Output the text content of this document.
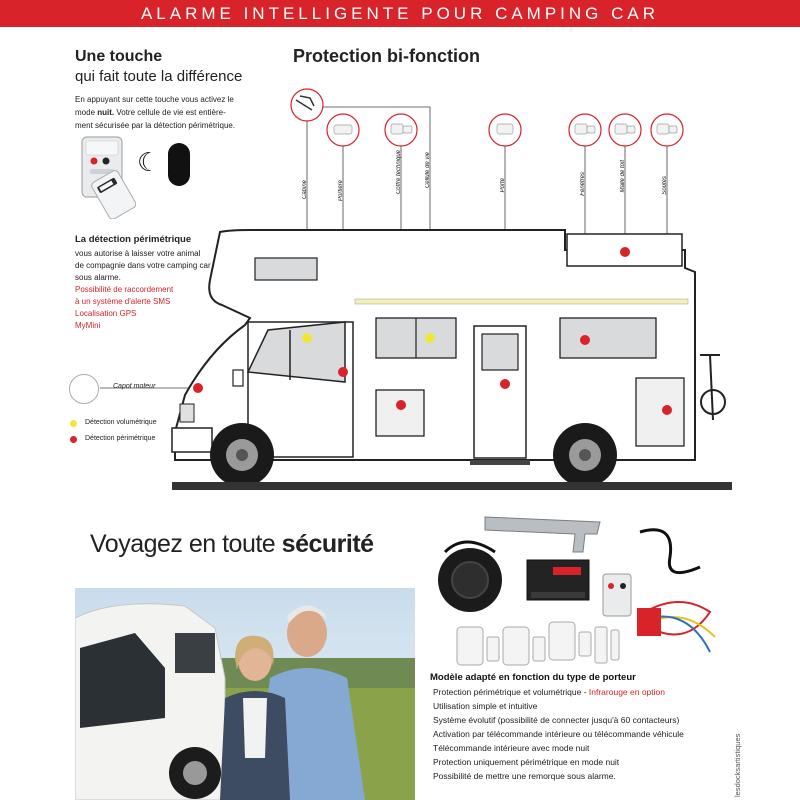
ALARME INTELLIGENTE POUR CAMPING CAR
Une touche
qui fait toute la différence
En appuyant sur cette touche vous activez le
mode nuit. Votre cellule de vie est entière-
ment sécurisée par la détection périmétrique.
☾
La détection périmétrique
vous autorise à laisser votre animal
de compagnie dans votre camping car
sous alarme.
Possibilité de raccordement
à un système d'alerte SMS
Localisation GPS
MyMini
Protection bi-fonction
Cabine	Portière	Coffre technique	Cellule de vie	Porte	Fenêtres	Malle de toit	Soutes
Capot moteur
Détection volumétrique
Détection périmétrique
Voyagez en toute sécurité
Modèle adapté en fonction du type de porteur
Protection périmétrique et volumétrique - Infrarouge en option
Utilisation simple et intuitive
Système évolutif (possibilité de connecter jusqu'à 60 contacteurs)
Activation par télécommande intérieure ou télécommande véhicule
Télécommande intérieure avec mode nuit
Protection uniquement périmétrique en mode nuit
Possibilité de mettre une remorque sous alarme.	lesdocksartistiques
